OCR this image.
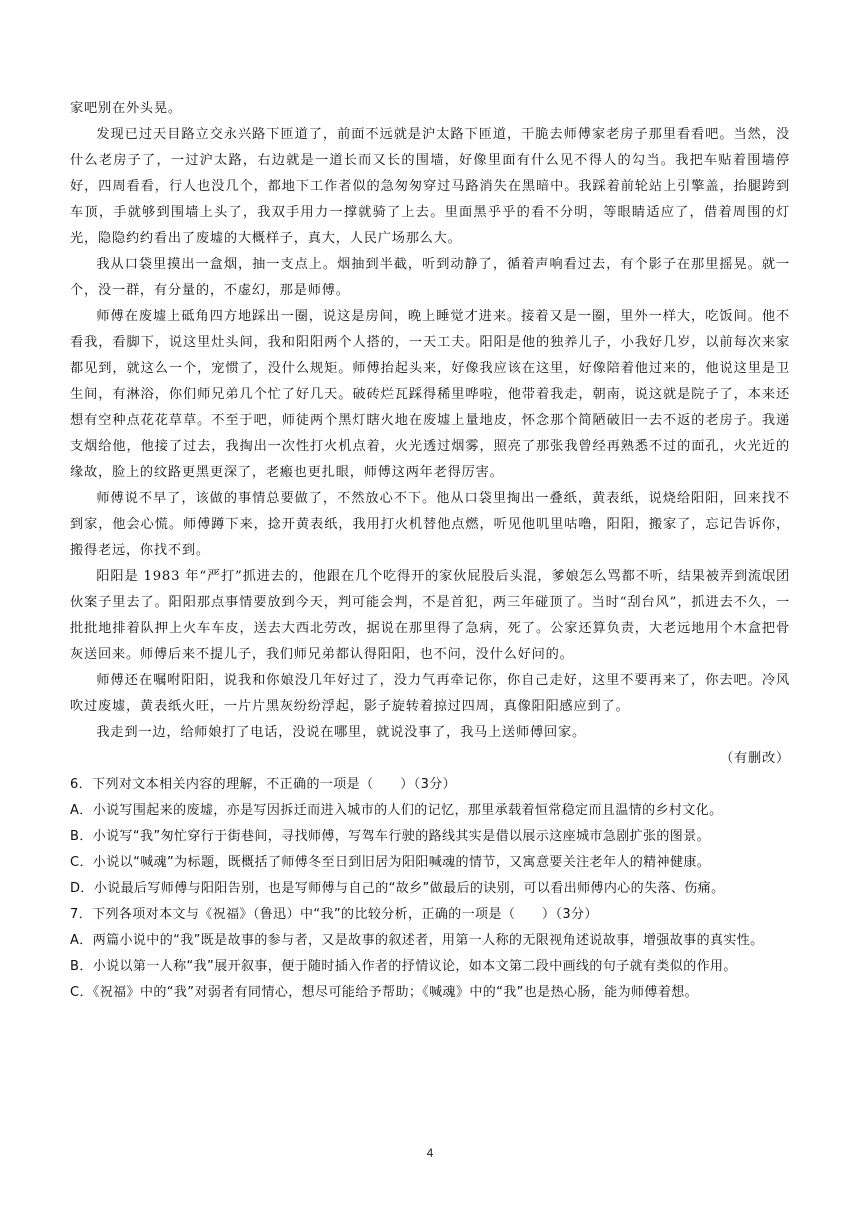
家吧别在外头晃。

发现已过天目路立交永兴路下匝道了，前面不远就是沪太路下匝道，干脆去师傅家老房子那里看看吧。当然，没什么老房子了，一过沪太路，右边就是一道长而又长的围墙，好像里面有什么见不得人的勾当。我把车贴着围墙停好，四周看看，行人也没几个，都地下工作者似的急匆匆穿过马路消失在黑暗中。我踩着前轮站上引擎盖，抬腿跨到车顶，手就够到围墙上头了，我双手用力一撑就骑了上去。里面黑乎乎的看不分明，等眼睛适应了，借着周围的灯光，隐隐约约看出了废墟的大概样子，真大，人民广场那么大。

我从口袋里摸出一盒烟，抽一支点上。烟抽到半截，听到动静了，循着声响看过去，有个影子在那里摇晃。就一个，没一群，有分量的，不虚幻，那是师傅。

师傅在废墟上砥角四方地踩出一圈，说这是房间，晚上睡觉才进来。接着又是一圈，里外一样大，吃饭间。他不看我，看脚下，说这里灶头间，我和阳阳两个人搭的，一天工夫。阳阳是他的独养儿子，小我好几岁，以前每次来家都见到，就这么一个，宠惯了，没什么规矩。师傅抬起头来，好像我应该在这里，好像陪着他过来的，他说这里是卫生间，有淋浴，你们师兄弟几个忙了好几天。破砖烂瓦踩得稀里哗啦，他带着我走，朝南，说这就是院子了，本来还想有空种点花花草草。不至于吧，师徒两个黑灯瞎火地在废墟上量地皮，怀念那个简陋破旧一去不返的老房子。我递支烟给他，他接了过去，我掏出一次性打火机点着，火光透过烟雾，照亮了那张我曾经再熟悉不过的面孔，火光近的缘故，脸上的纹路更黑更深了，老瘢也更扎眼，师傅这两年老得厉害。

师傅说不早了，该做的事情总要做了，不然放心不下。他从口袋里掏出一叠纸，黄表纸，说烧给阳阳，回来找不到家，他会心慌。师傅蹲下来，捻开黄表纸，我用打火机替他点燃，听见他叽里咕噜，阳阳，搬家了，忘记告诉你，搬得老远，你找不到。

阳阳是 1983 年“严打”抓进去的，他跟在几个吃得开的家伙屁股后头混，爹娘怎么骂都不听，结果被弄到流氓团伙案子里去了。阳阳那点事情要放到今天，判可能会判，不是首犯，两三年碰顶了。当时“刮台风”，抓进去不久，一批批地排着队押上火车车皮，送去大西北劳改，据说在那里得了急病，死了。公家还算负责，大老远地用个木盒把骨灰送回来。师傅后来不提儿子，我们师兄弟都认得阳阳，也不问，没什么好问的。

师傅还在嘱咐阳阳，说我和你娘没几年好过了，没力气再牵记你，你自己走好，这里不要再来了，你去吧。冷风吹过废墟，黄表纸火旺，一片片黑灰纷纷浮起，影子旋转着掠过四周，真像阳阳感应到了。

我走到一边，给师娘打了电话，没说在哪里，就说没事了，我马上送师傅回家。

（有删改）

6．下列对文本相关内容的理解，不正确的一项是（　　）（3分）

A．小说写围起来的废墟，亦是写因拆迁而进入城市的人们的记忆，那里承载着恒常稳定而且温情的乡村文化。

B．小说写“我”匆忙穿行于街巷间，寻找师傅，写驾车行驶的路线其实是借以展示这座城市急剧扩张的图景。

C．小说以“喊魂”为标题，既概括了师傅冬至日到旧居为阳阳喊魂的情节，又寓意要关注老年人的精神健康。

D．小说最后写师傅与阳阳告别，也是写师傅与自己的“故乡”做最后的诀别，可以看出师傅内心的失落、伤痛。

7．下列各项对本文与《祝福》（鲁迅）中“我”的比较分析，正确的一项是（　　）（3分）

A．两篇小说中的“我”既是故事的参与者，又是故事的叙述者，用第一人称的无限视角述说故事，增强故事的真实性。

B．小说以第一人称“我”展开叙事，便于随时插入作者的抒情议论，如本文第二段中画线的句子就有类似的作用。

C．《祝福》中的“我”对弱者有同情心，想尽可能给予帮助；《喊魂》中的“我”也是热心肠，能为师傅着想。

4
